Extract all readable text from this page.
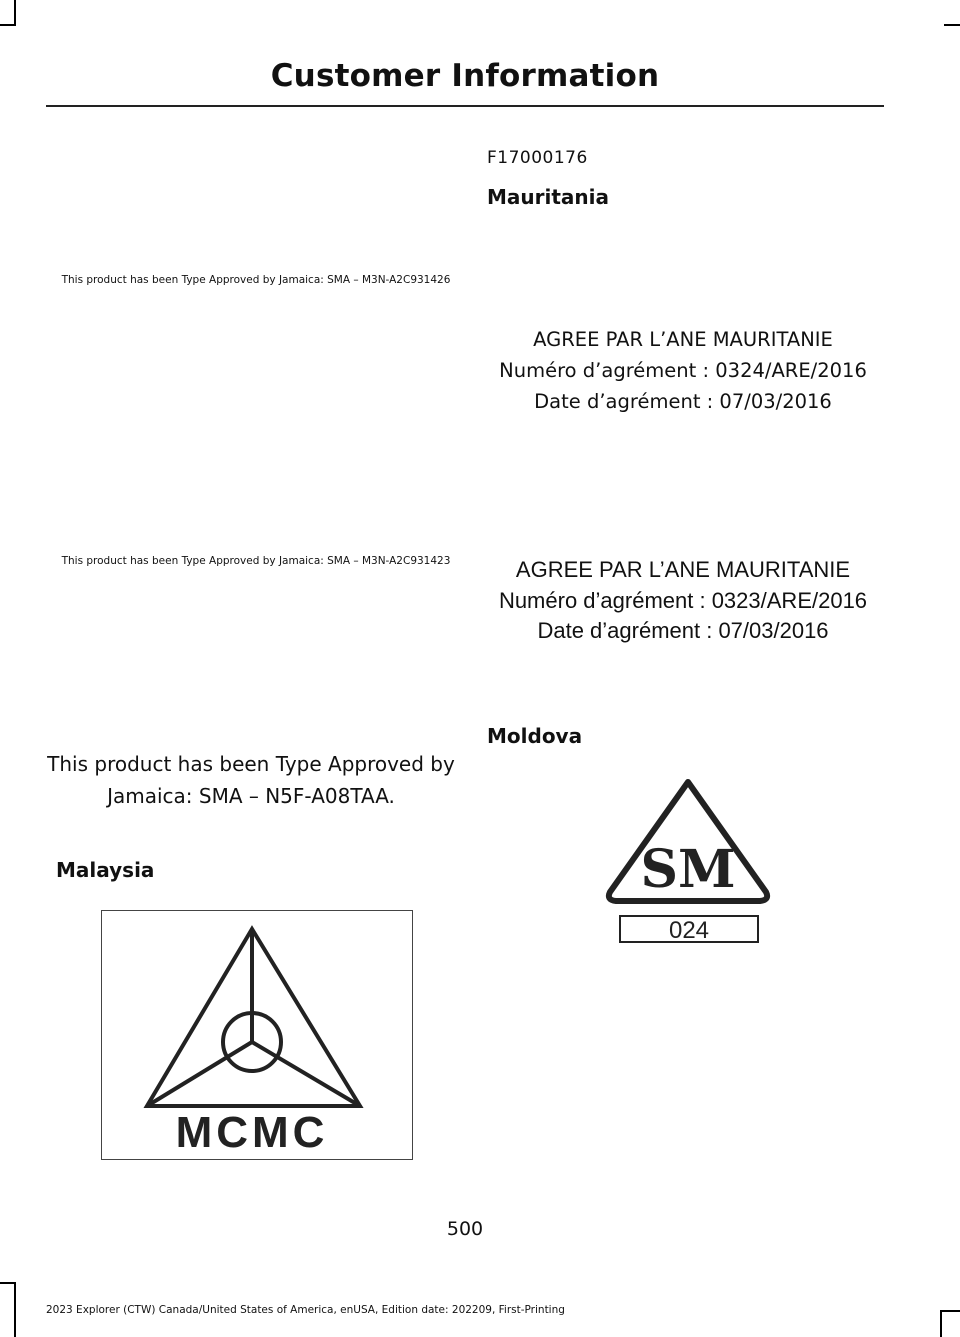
Customer Information
This product has been Type Approved by Jamaica: SMA – M3N-A2C931426
This product has been Type Approved by Jamaica: SMA – M3N-A2C931423
This product has been Type Approved by
Jamaica: SMA – N5F-A08TAA.
Malaysia
MCMC
F17000176
Mauritania
AGREE PAR L’ANE MAURITANIE
Numéro d’agrément : 0324/ARE/2016
Date d’agrément : 07/03/2016
AGREE PAR L’ANE MAURITANIE
Numéro d’agrément : 0323/ARE/2016
Date d’agrément : 07/03/2016
Moldova
SM
024
500
2023 Explorer (CTW) Canada/United States of America, enUSA, Edition date: 202209, First-Printing
